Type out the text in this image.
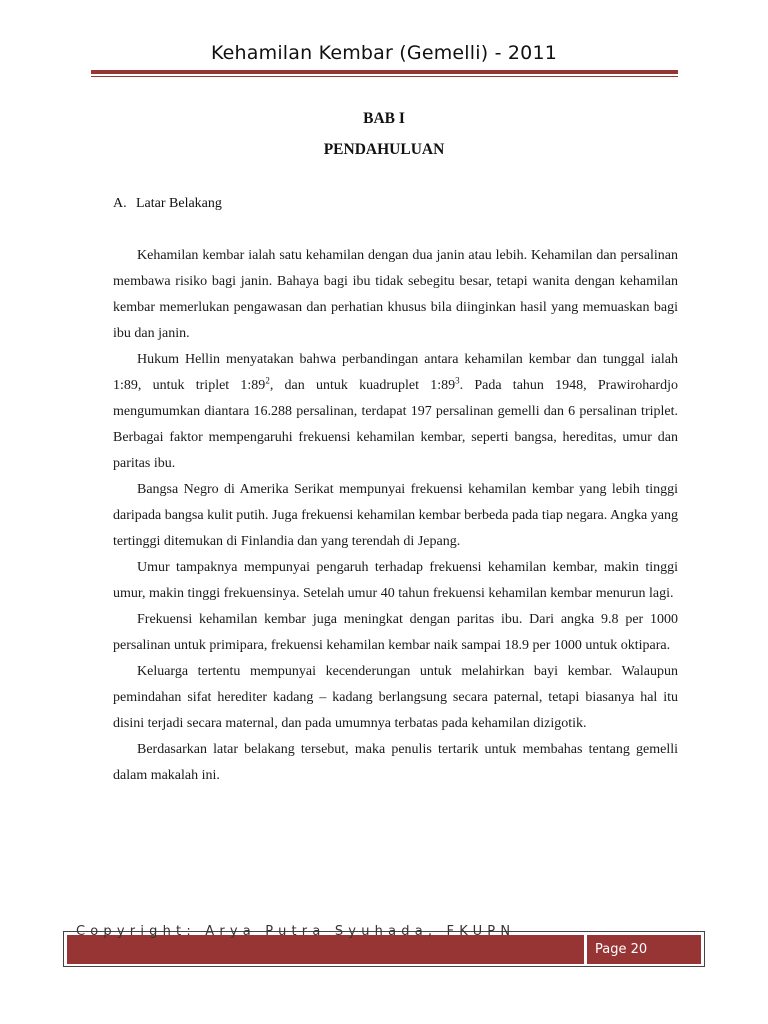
Kehamilan Kembar (Gemelli) - 2011
BAB I
PENDAHULUAN
A. Latar Belakang

Kehamilan kembar ialah satu kehamilan dengan dua janin atau lebih. Kehamilan dan persalinan membawa risiko bagi janin. Bahaya bagi ibu tidak sebegitu besar, tetapi wanita dengan kehamilan kembar memerlukan pengawasan dan perhatian khusus bila diinginkan hasil yang memuaskan bagi ibu dan janin.

Hukum Hellin menyatakan bahwa perbandingan antara kehamilan kembar dan tunggal ialah 1:89, untuk triplet $1:89^2$, dan untuk kuadruplet $1:89^3$. Pada tahun 1948, Prawirohardjo mengumumkan diantara 16.288 persalinan, terdapat 197 persalinan gemelli dan 6 persalinan triplet. Berbagai faktor mempengaruhi frekuensi kehamilan kembar, seperti bangsa, hereditas, umur dan paritas ibu.

Bangsa Negro di Amerika Serikat mempunyai frekuensi kehamilan kembar yang lebih tinggi daripada bangsa kulit putih. Juga frekuensi kehamilan kembar berbeda pada tiap negara. Angka yang tertinggi ditemukan di Finlandia dan yang terendah di Jepang.

Umur tampaknya mempunyai pengaruh terhadap frekuensi kehamilan kembar, makin tinggi umur, makin tinggi frekuensinya. Setelah umur 40 tahun frekuensi kehamilan kembar menurun lagi.

Frekuensi kehamilan kembar juga meningkat dengan paritas ibu. Dari angka 9.8 per 1000 persalinan untuk primipara, frekuensi kehamilan kembar naik sampai 18.9 per 1000 untuk oktipara.

Keluarga tertentu mempunyai kecenderungan untuk melahirkan bayi kembar. Walaupun pemindahan sifat herediter kadang – kadang berlangsung secara paternal, tetapi biasanya hal itu disini terjadi secara maternal, dan pada umumnya terbatas pada kehamilan dizigotik.

Berdasarkan latar belakang tersebut, maka penulis tertarik untuk membahas tentang gemelli dalam makalah ini.

Page 20
Copyright: Arya Putra Syuhada, FKUPN
